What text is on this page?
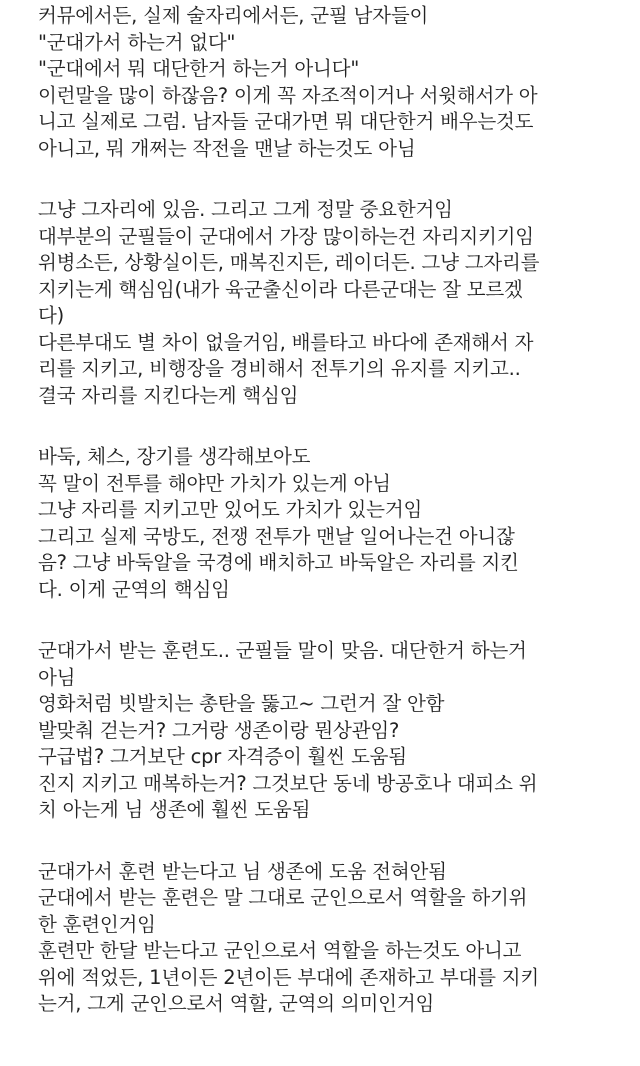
커뮤에서든, 실제 술자리에서든, 군필 남자들이
"군대가서 하는거 없다"
"군대에서 뭐 대단한거 하는거 아니다"
이런말을 많이 하잖음? 이게 꼭 자조적이거나 서윗해서가 아
니고 실제로 그럼. 남자들 군대가면 뭐 대단한거 배우는것도
아니고, 뭐 개쩌는 작전을 맨날 하는것도 아님
그냥 그자리에 있음. 그리고 그게 정말 중요한거임
대부분의 군필들이 군대에서 가장 많이하는건 자리지키기임
위병소든, 상황실이든, 매복진지든, 레이더든. 그냥 그자리를
지키는게 핵심임(내가 육군출신이라 다른군대는 잘 모르겠
다)
다른부대도 별 차이 없을거임, 배를타고 바다에 존재해서 자
리를 지키고, 비행장을 경비해서 전투기의 유지를 지키고..
결국 자리를 지킨다는게 핵심임
바둑, 체스, 장기를 생각해보아도
꼭 말이 전투를 해야만 가치가 있는게 아님
그냥 자리를 지키고만 있어도 가치가 있는거임
그리고 실제 국방도, 전쟁 전투가 맨날 일어나는건 아니잖
음? 그냥 바둑알을 국경에 배치하고 바둑알은 자리를 지킨
다. 이게 군역의 핵심임
군대가서 받는 훈련도.. 군필들 말이 맞음. 대단한거 하는거
아님
영화처럼 빗발치는 총탄을 뚫고~ 그런거 잘 안함
발맞춰 걷는거? 그거랑 생존이랑 뭔상관임?
구급법? 그거보단 cpr 자격증이 훨씬 도움됨
진지 지키고 매복하는거? 그것보단 동네 방공호나 대피소 위
치 아는게 님 생존에 훨씬 도움됨
군대가서 훈련 받는다고 님 생존에 도움 전혀안됨
군대에서 받는 훈련은 말 그대로 군인으로서 역할을 하기위
한 훈련인거임
훈련만 한달 받는다고 군인으로서 역할을 하는것도 아니고
위에 적었든, 1년이든 2년이든 부대에 존재하고 부대를 지키
는거, 그게 군인으로서 역할, 군역의 의미인거임
